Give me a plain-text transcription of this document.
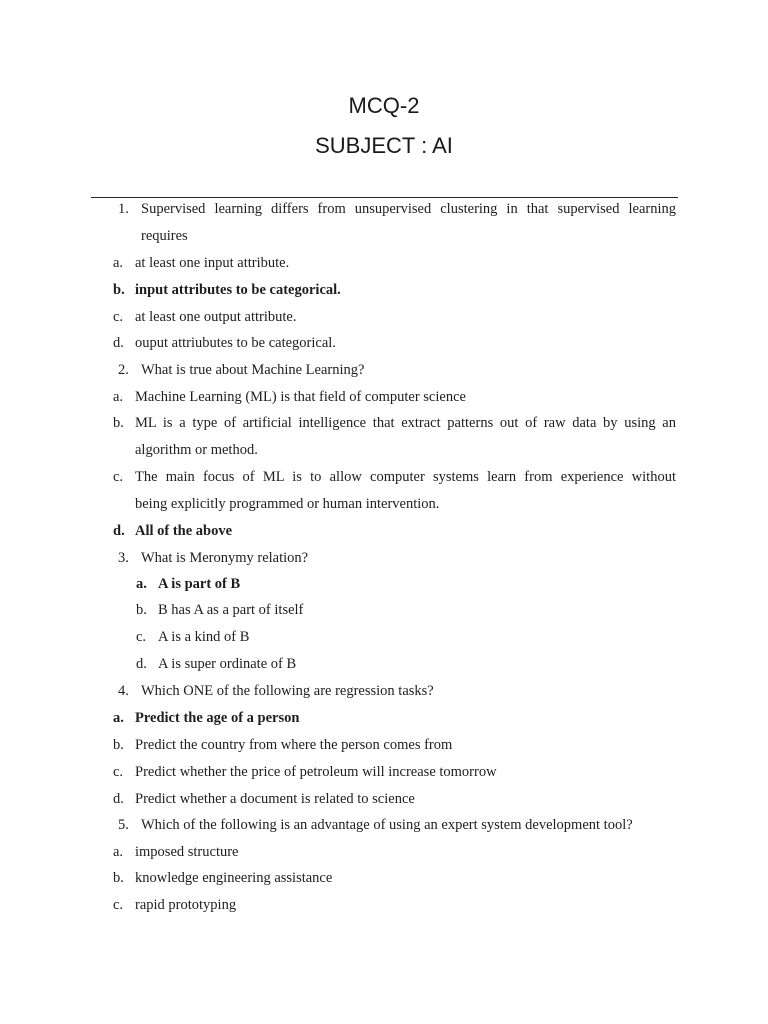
MCQ-2
SUBJECT : AI
1. Supervised learning differs from unsupervised clustering in that supervised learning
requires
a. at least one input attribute.
b. input attributes to be categorical.
c. at least one output attribute.
d. ouput attriubutes to be categorical.
2. What is true about Machine Learning?
a. Machine Learning (ML) is that field of computer science
b. ML is a type of artificial intelligence that extract patterns out of raw data by using an
algorithm or method.
c. The main focus of ML is to allow computer systems learn from experience without
being explicitly programmed or human intervention.
d. All of the above
3. What is Meronymy relation?
a. A is part of B
b. B has A as a part of itself
c. A is a kind of B
d. A is super ordinate of B
4. Which ONE of the following are regression tasks?
a. Predict the age of a person
b. Predict the country from where the person comes from
c. Predict whether the price of petroleum will increase tomorrow
d. Predict whether a document is related to science
5. Which of the following is an advantage of using an expert system development tool?
a. imposed structure
b. knowledge engineering assistance
c. rapid prototyping
